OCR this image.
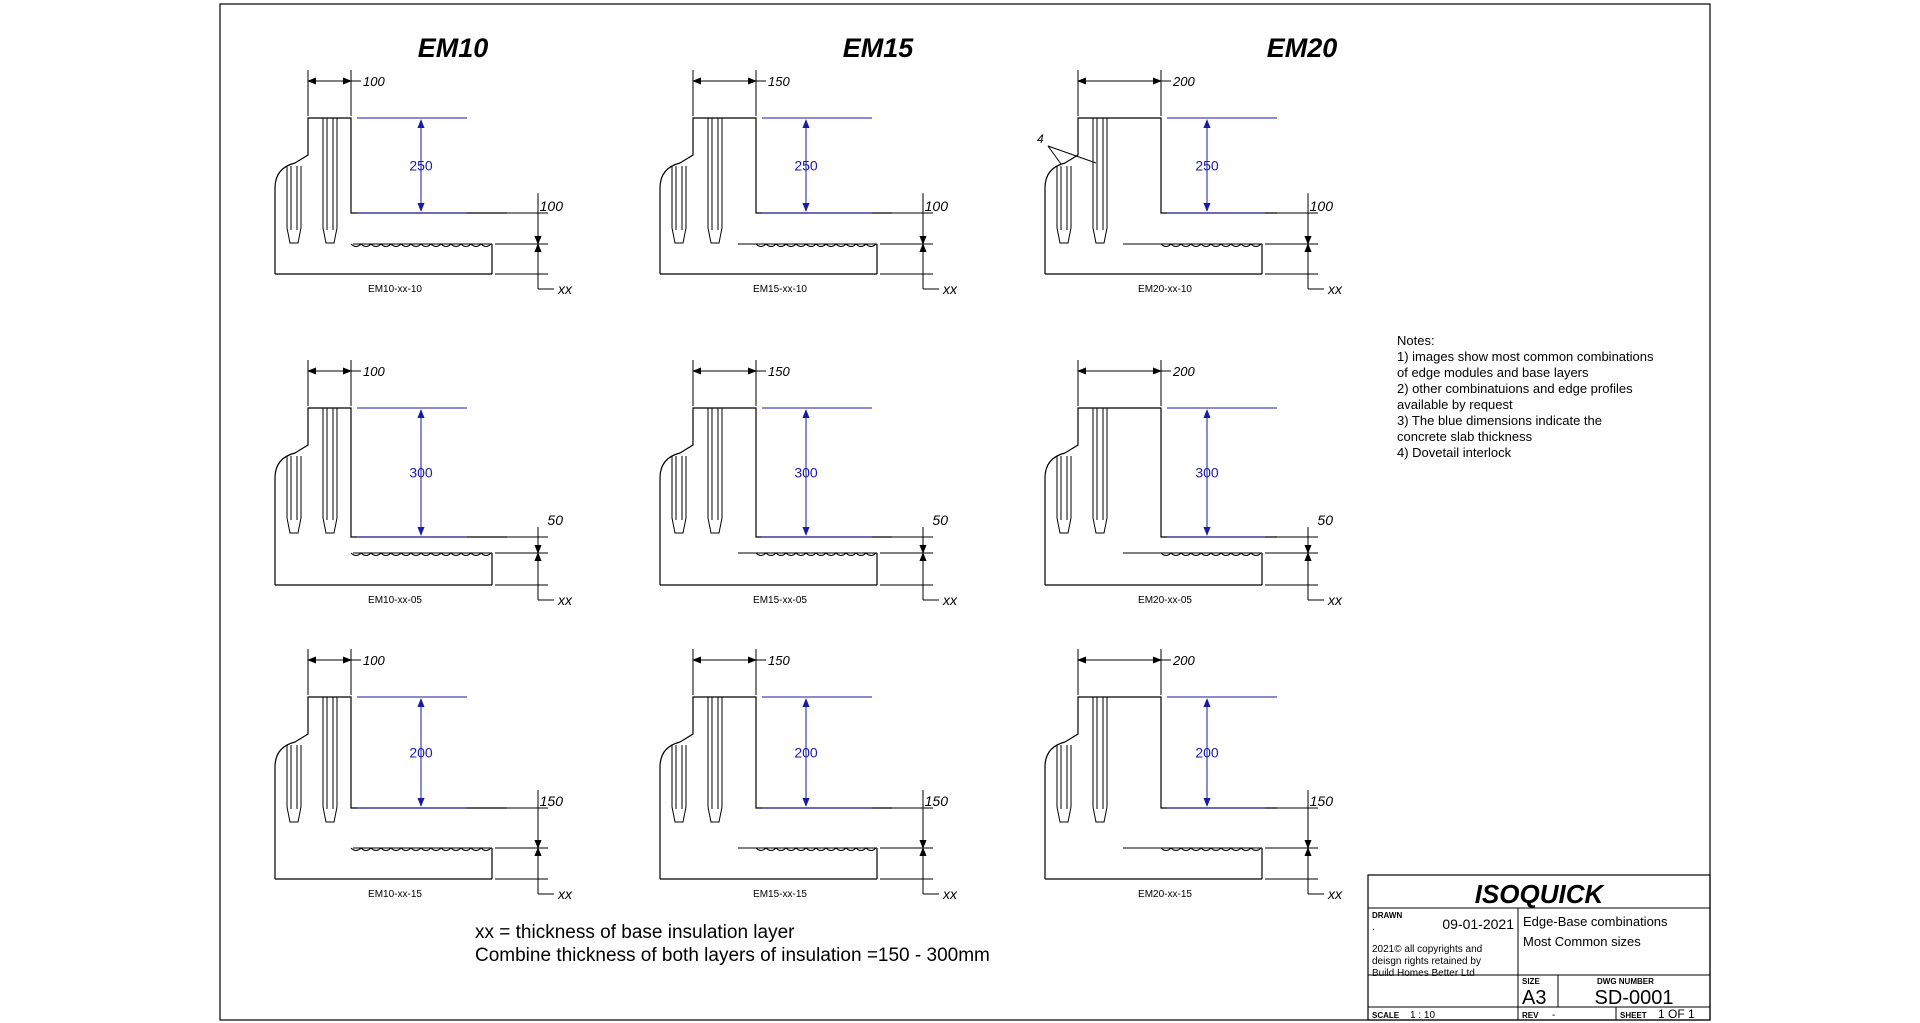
EM10	EM15	EM20
100
250
100
xx
EM10-xx-10
150
250
100
xx
EM15-xx-10
200
250
100
xx
EM20-xx-10
100
300
50
xx
EM10-xx-05
150
300
50
xx
EM15-xx-05
200
300
50
xx
EM20-xx-05
100
200
150
xx
EM10-xx-15
150
200
150
xx
EM15-xx-15
200
200
150
xx
EM20-xx-15
4
Notes:
1) images show most common combinations
of edge modules and base layers
2) other combinatuions and edge profiles
available by request
3) The blue dimensions indicate the
concrete slab thickness
4) Dovetail interlock
xx = thickness of base insulation layer
Combine thickness of both layers of insulation =150 - 300mm
ISOQUICK
DRAWN
.	09-01-2021
2021© all copyrights and
deisgn rights retained by
Build Homes Better Ltd
Edge-Base combinations
Most Common sizes
SIZE
A3
DWG NUMBER
SD-0001
SCALE 1 : 10	REV -	SHEET 1 OF 1
